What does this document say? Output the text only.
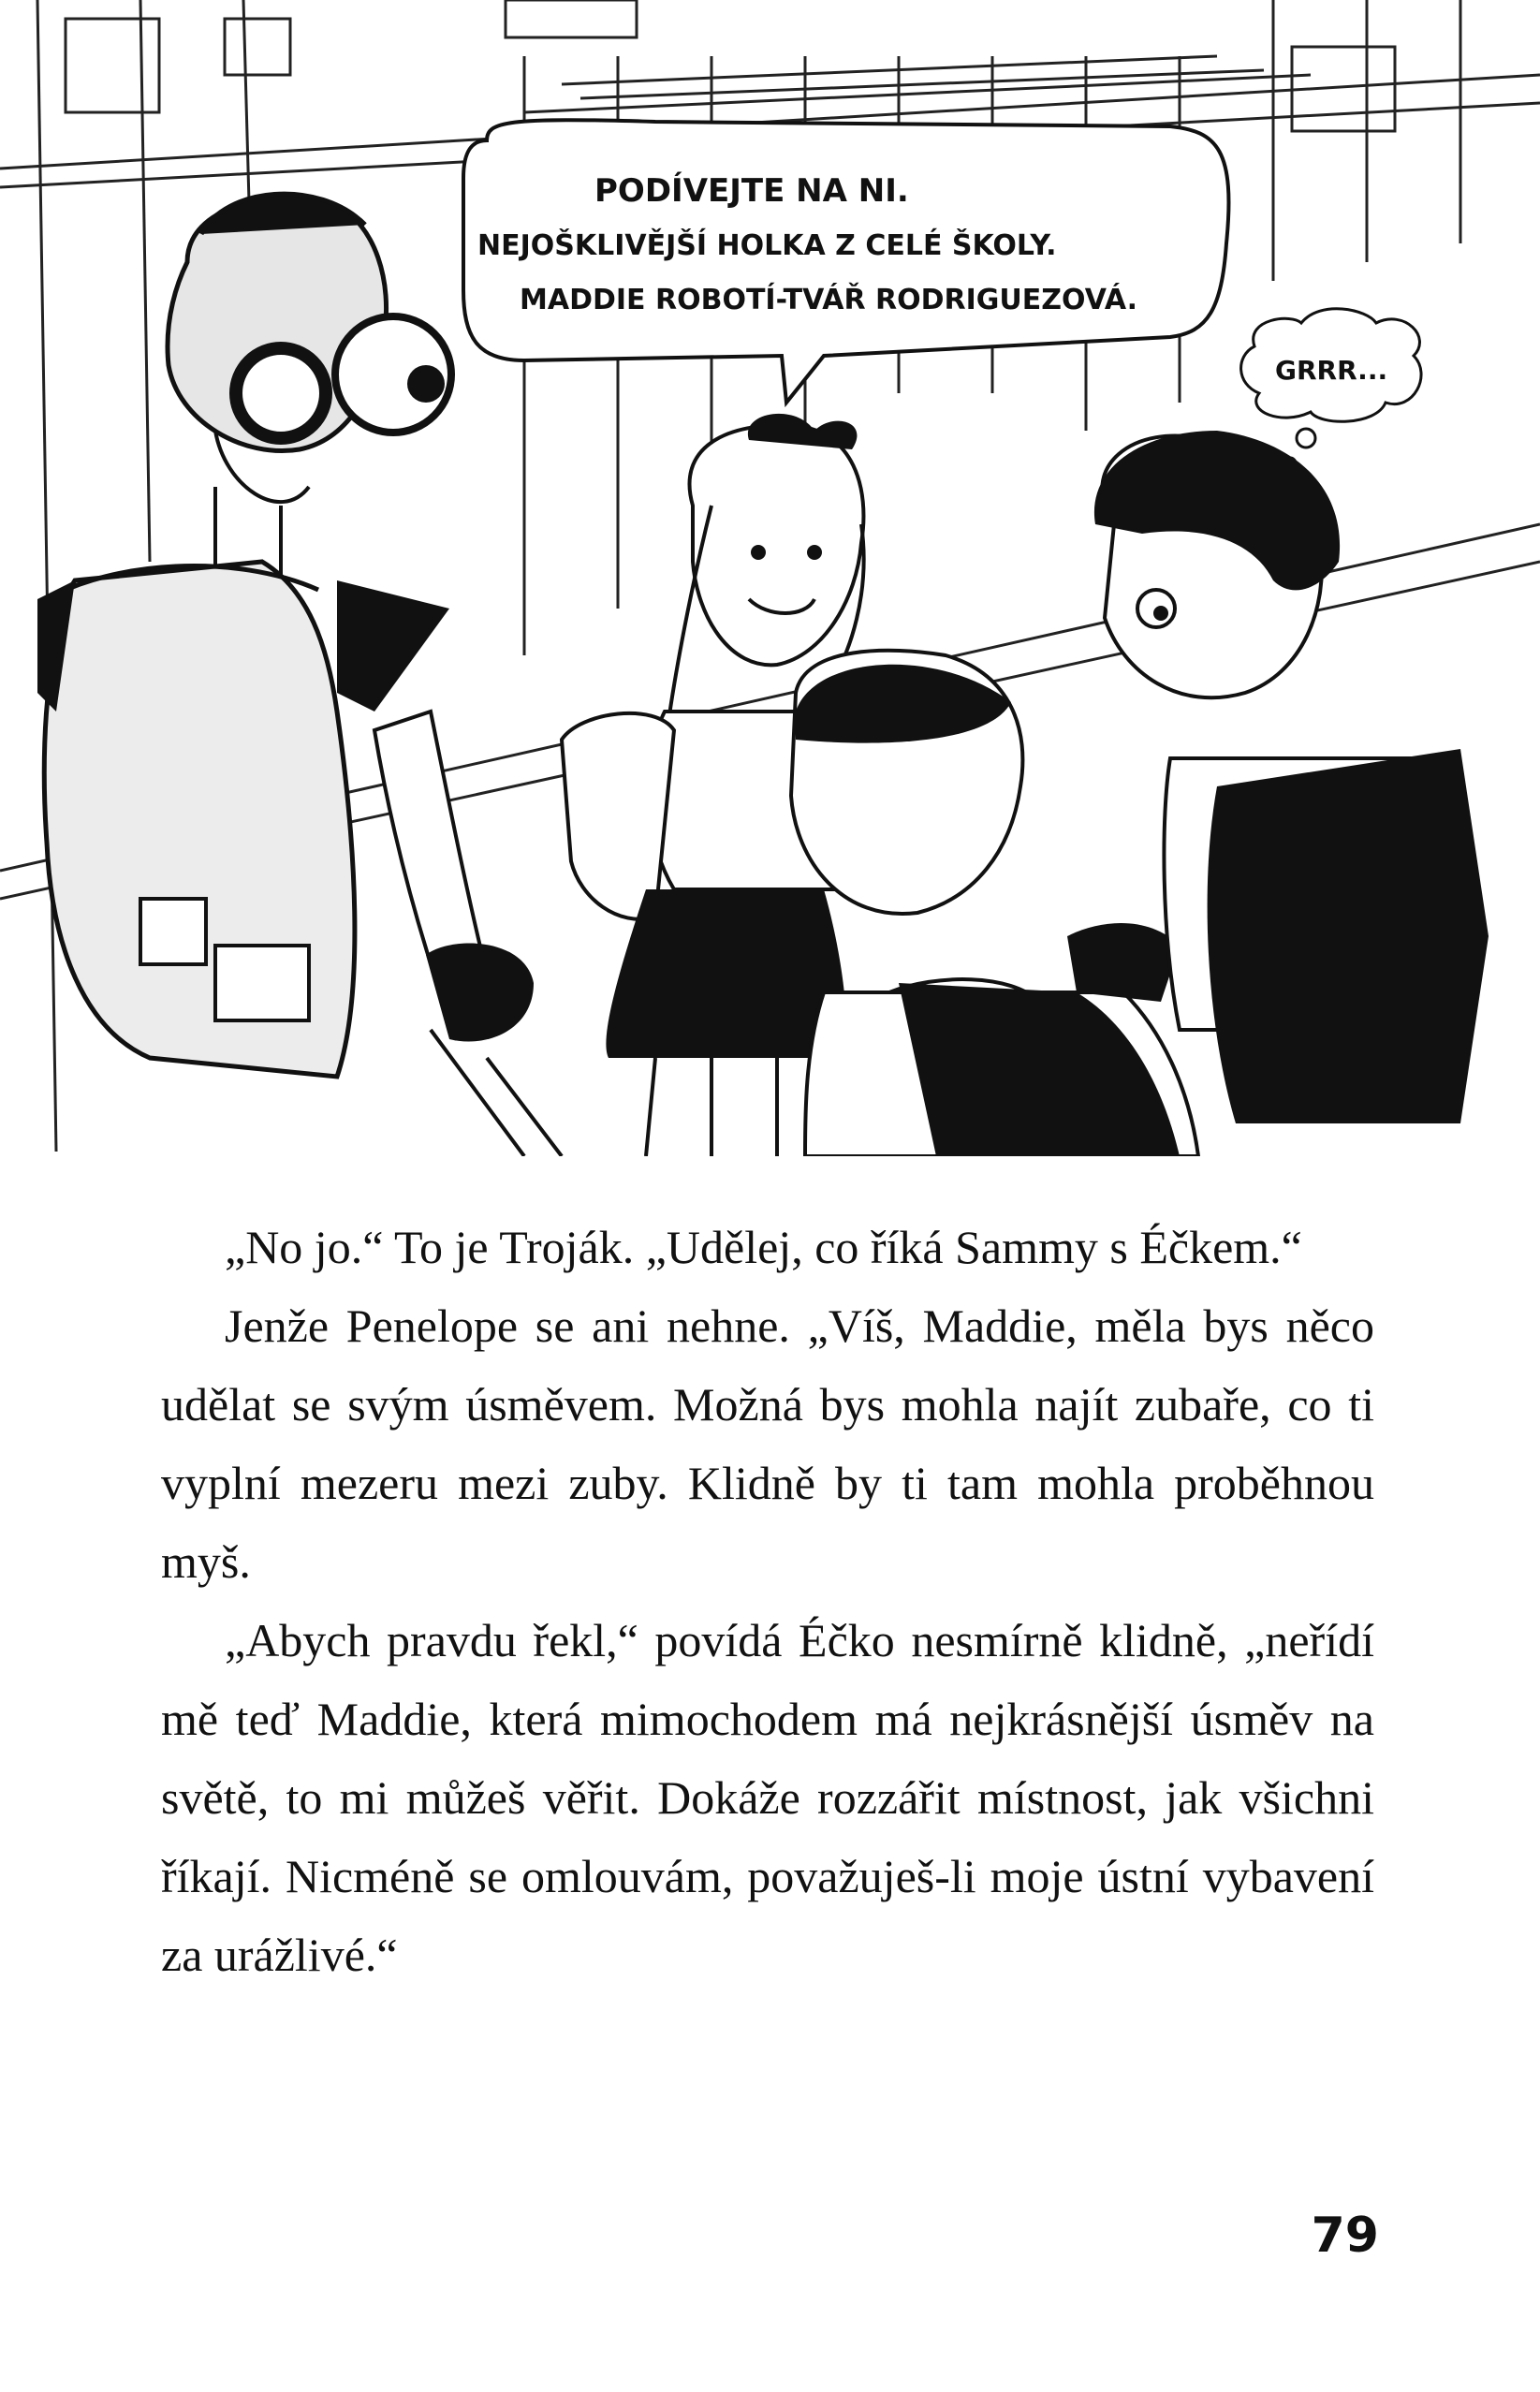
PODÍVEJTE NA NI.
NEJOŠKLIVĚJŠÍ HOLKA Z CELÉ ŠKOLY.
MADDIE ROBOTÍ-TVÁŘ RODRIGUEZOVÁ.
GRRR...

„No jo.“ To je Troják. „Udělej, co říká Sammy s Éčkem.“

Jenže Penelope se ani nehne. „Víš, Maddie, měla bys něco udělat se svým úsměvem. Možná bys mohla najít zubaře, co ti vyplní mezeru mezi zuby. Klidně by ti tam mohla proběhnou myš.

„Abych pravdu řekl,“ povídá Éčko nesmírně klidně, „neřídí mě teď Maddie, která mimochodem má nejkrásnější úsměv na světě, to mi můžeš věřit. Dokáže rozzářit místnost, jak všichni říkají. Nicméně se omlouvám, považuješ-li moje ústní vybavení za urážlivé.“

79
